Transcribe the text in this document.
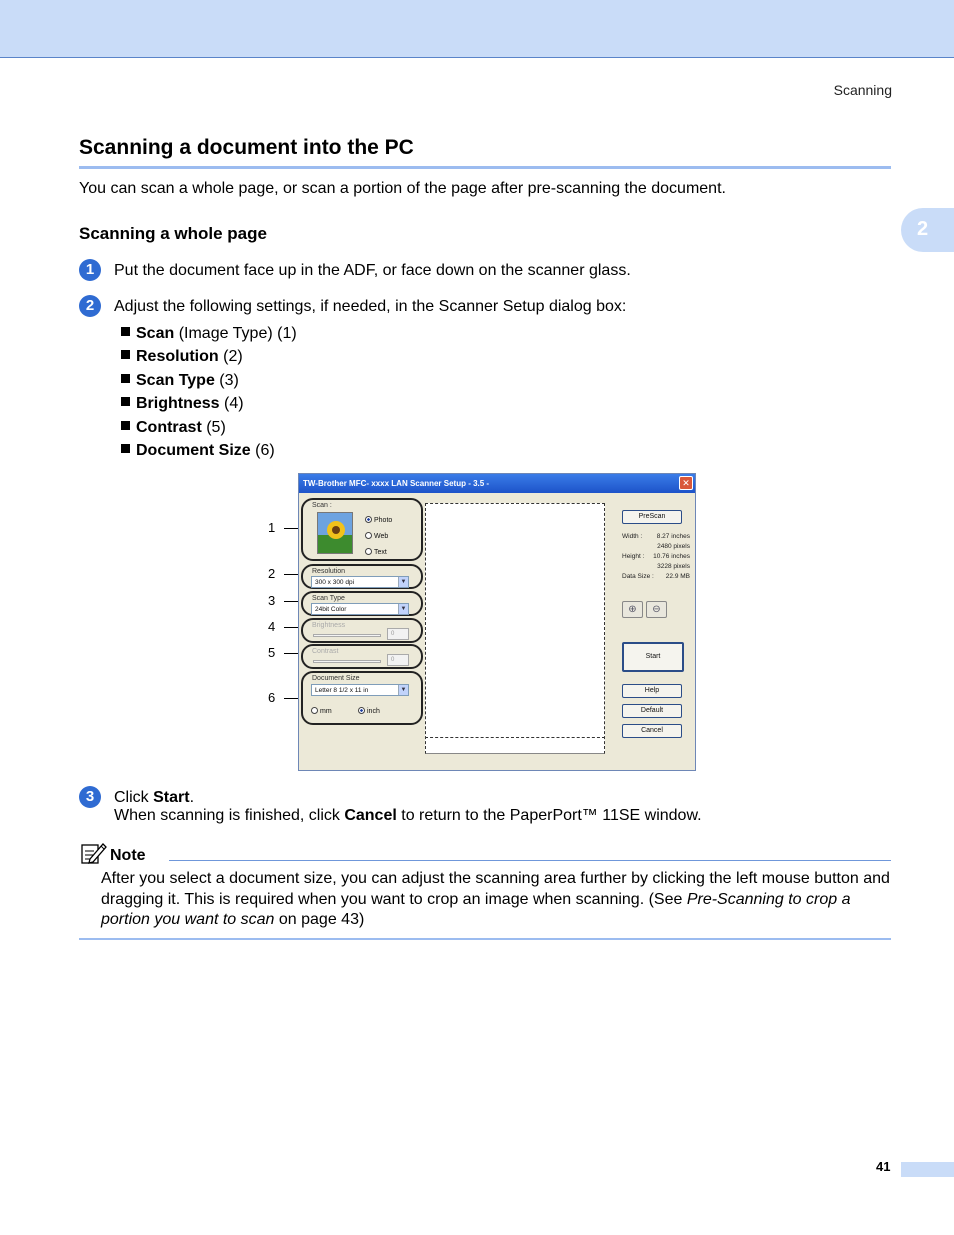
Scanning
2
Scanning a document into the PC

You can scan a whole page, or scan a portion of the page after pre-scanning the document.

Scanning a whole page
1	Put the document face up in the ADF, or face down on the scanner glass.
2	Adjust the following settings, if needed, in the Scanner Setup dialog box:
Scan (Image Type) (1)
Resolution (2)
Scan Type (3)
Brightness (4)
Contrast (5)
Document Size (6)
1
2
3
4
5
6
TW-Brother MFC- xxxx LAN Scanner Setup - 3.5 -	✕
Scan :
Photo
Web
Text
Resolution
300 x 300 dpi	▼
Scan Type
24bit Color	▼
Brightness
0
Contrast
0
Document Size
Letter 8 1/2 x 11 in	▼
mm	inch
PreScan
Width : 8.27 inches
2480 pixels
Height : 10.76 inches
3228 pixels
Data Size : 22.9 MB
⊕	⊖
Start
Help
Default
Cancel
3	Click Start.
When scanning is finished, click Cancel to return to the PaperPort™ 11SE window.
Note

After you select a document size, you can adjust the scanning area further by clicking the left mouse button and dragging it. This is required when you want to crop an image when scanning. (See Pre-Scanning to crop a portion you want to scan on page 43)

41
